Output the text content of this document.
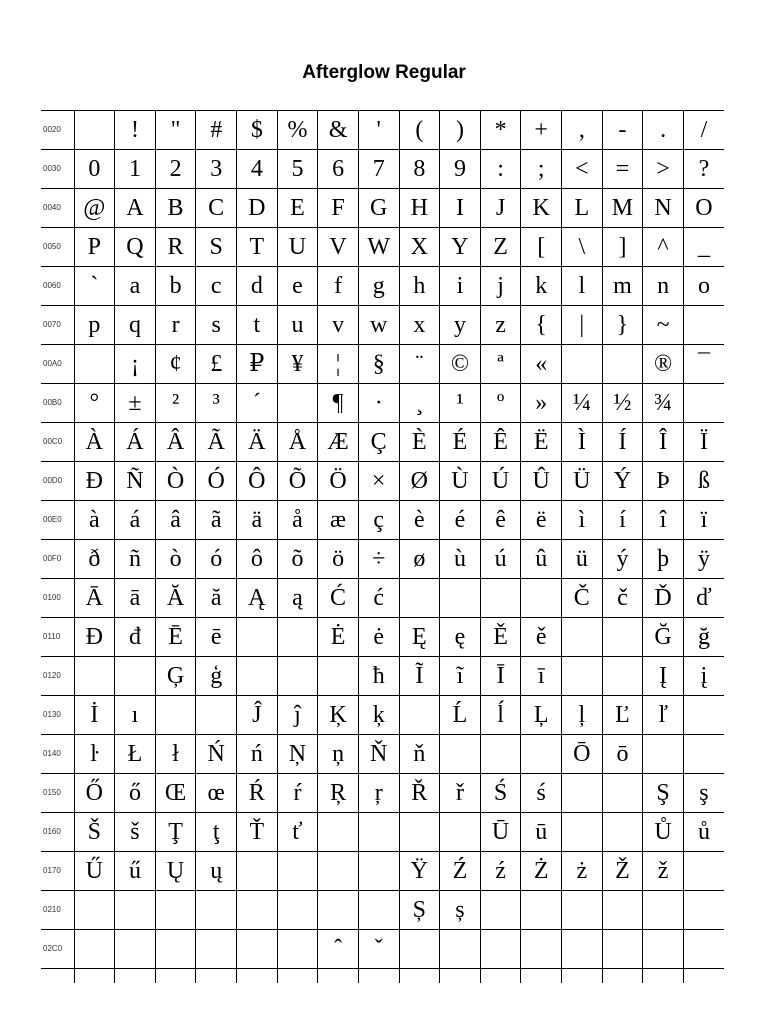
Afterglow Regular
0020		!	"	#	$	%	&	'	(	)	*	+	,	-	.	/
0030	0	1	2	3	4	5	6	7	8	9	:	;	<	=	>	?
0040	@	A	B	C	D	E	F	G	H	I	J	K	L	M	N	O
0050	P	Q	R	S	T	U	V	W	X	Y	Z	[	\	]	^	_
0060	`	a	b	c	d	e	f	g	h	i	j	k	l	m	n	o
0070	p	q	r	s	t	u	v	w	x	y	z	{	|	}	~	
00A0		¡	¢	£	₽	¥	¦	§	¨	©	ª	«			®	¯
00B0	°	±	²	³	´		¶	·	¸	¹	º	»	¼	½	¾	
00C0	À	Á	Â	Ã	Ä	Å	Æ	Ç	È	É	Ê	Ë	Ì	Í	Î	Ï
00D0	Ð	Ñ	Ò	Ó	Ô	Õ	Ö	×	Ø	Ù	Ú	Û	Ü	Ý	Þ	ß
00E0	à	á	â	ã	ä	å	æ	ç	è	é	ê	ë	ì	í	î	ï
00F0	ð	ñ	ò	ó	ô	õ	ö	÷	ø	ù	ú	û	ü	ý	þ	ÿ
0100	Ā	ā	Ă	ă	Ą	ą	Ć	ć					Č	č	Ď	ď
0110	Đ	đ	Ē	ē			Ė	ė	Ę	ę	Ě	ě			Ğ	ğ
0120			Ģ	ģ				ħ	Ĩ	ĩ	Ī	ī			Į	į
0130	İ	ı			Ĵ	ĵ	Ķ	ķ		Ĺ	ĺ	Ļ	ļ	Ľ	ľ	
0140	ŀ	Ł	ł	Ń	ń	Ņ	ņ	Ň	ň				Ō	ō		
0150	Ő	ő	Œ	œ	Ŕ	ŕ	Ŗ	ŗ	Ř	ř	Ś	ś			Ş	ş
0160	Š	š	Ţ	ţ	Ť	ť					Ū	ū			Ů	ů
0170	Ű	ű	Ų	ų					Ÿ	Ź	ź	Ż	ż	Ž	ž	
0210									Ș	ș						
02C0							ˆ	ˇ								
